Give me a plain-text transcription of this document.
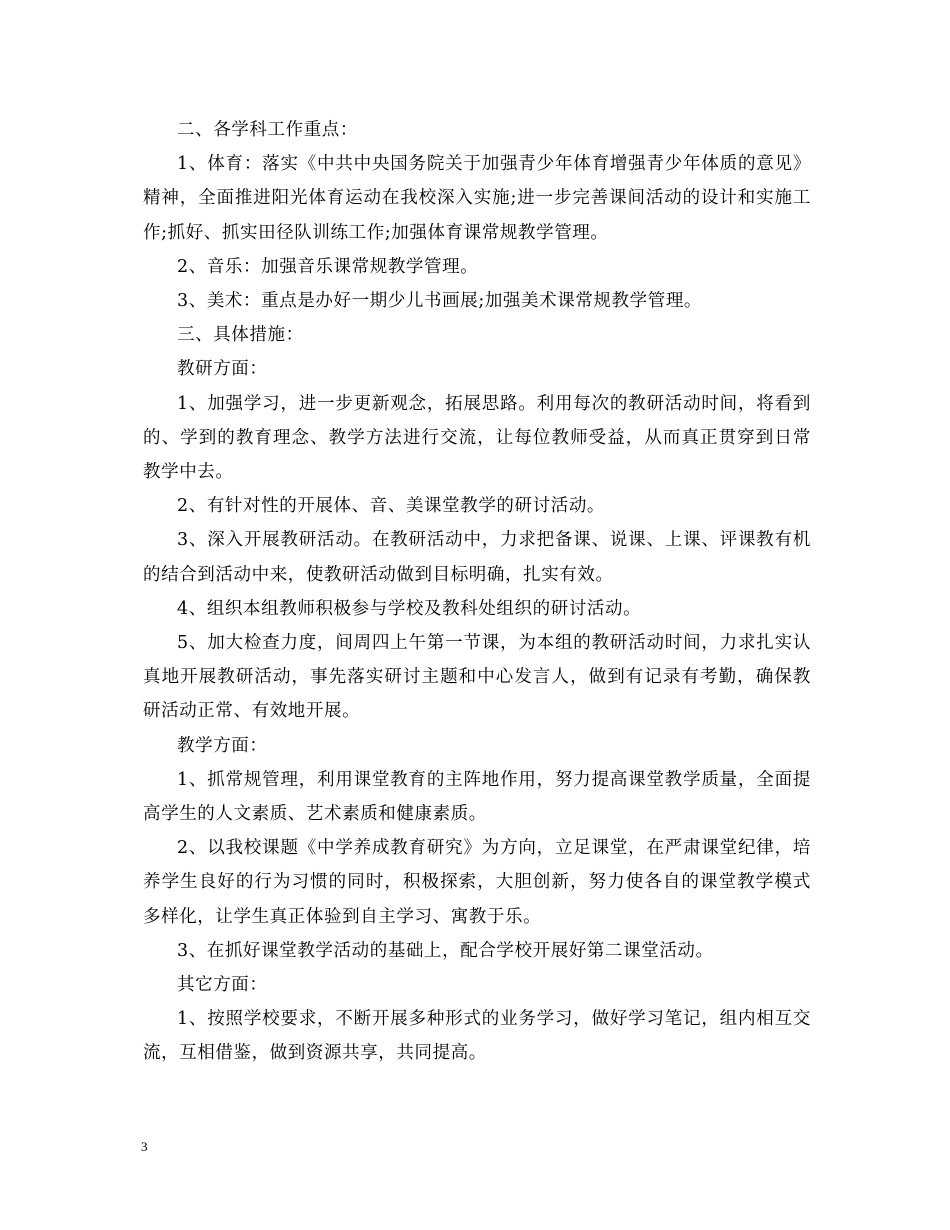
二、各学科工作重点：

1、体育：落实《中共中央国务院关于加强青少年体育增强青少年体质的意见》精神，全面推进阳光体育运动在我校深入实施;进一步完善课间活动的设计和实施工作;抓好、抓实田径队训练工作;加强体育课常规教学管理。

2、音乐：加强音乐课常规教学管理。

3、美术：重点是办好一期少儿书画展;加强美术课常规教学管理。

三、具体措施：

教研方面：

1、加强学习，进一步更新观念，拓展思路。利用每次的教研活动时间，将看到的、学到的教育理念、教学方法进行交流，让每位教师受益，从而真正贯穿到日常教学中去。

2、有针对性的开展体、音、美课堂教学的研讨活动。

3、深入开展教研活动。在教研活动中，力求把备课、说课、上课、评课教有机的结合到活动中来，使教研活动做到目标明确，扎实有效。

4、组织本组教师积极参与学校及教科处组织的研讨活动。

5、加大检查力度，间周四上午第一节课，为本组的教研活动时间，力求扎实认真地开展教研活动，事先落实研讨主题和中心发言人，做到有记录有考勤，确保教研活动正常、有效地开展。

教学方面：

1、抓常规管理，利用课堂教育的主阵地作用，努力提高课堂教学质量，全面提高学生的人文素质、艺术素质和健康素质。

2、以我校课题《中学养成教育研究》为方向，立足课堂，在严肃课堂纪律，培养学生良好的行为习惯的同时，积极探索，大胆创新，努力使各自的课堂教学模式多样化，让学生真正体验到自主学习、寓教于乐。

3、在抓好课堂教学活动的基础上，配合学校开展好第二课堂活动。

其它方面：

1、按照学校要求，不断开展多种形式的业务学习，做好学习笔记，组内相互交流，互相借鉴，做到资源共享，共同提高。

3
